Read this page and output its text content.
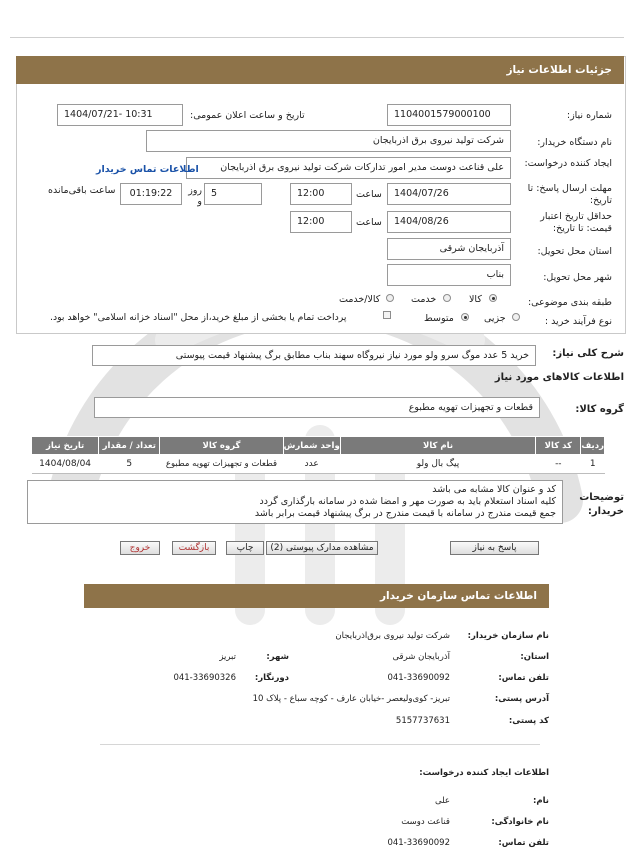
جزئیات اطلاعات نیاز
شماره نیاز:
1104001579000100
تاریخ و ساعت اعلان عمومی:
1404/07/21- 10:31
نام دستگاه خریدار:
شرکت تولید نیروی برق اذربایجان
ایجاد کننده درخواست:
علی قناعت دوست مدیر امور تدارکات شرکت تولید نیروی برق اذربایجان
اطلاعات تماس خریدار
مهلت ارسال پاسخ: تا تاریخ:
1404/07/26
ساعت
12:00
5
روز و
01:19:22
ساعت باقی‌مانده
حداقل تاریخ اعتبار قیمت: تا تاریخ:
1404/08/26
ساعت
12:00
استان محل تحویل:
آذربایجان شرقی
شهر محل تحویل:
بناب
طبقه بندی موضوعی:
کالا
خدمت
کالا/خدمت
نوع فرآیند خرید :
جزیی
متوسط
پرداخت تمام یا بخشی از مبلغ خرید،از محل "اسناد خزانه اسلامی" خواهد بود.
شرح کلی نیاز:
خرید 5 عدد موگ سرو ولو مورد نیاز نیروگاه سهند بناب مطابق برگ پیشنهاد قیمت پیوستی
اطلاعات کالاهای مورد نیاز
گروه کالا:
قطعات و تجهیزات تهویه مطبوع
ردیف	کد کالا	نام کالا	واحد شمارش	گروه کالا	تعداد / مقدار	تاریخ نیاز
1	--	پیگ بال ولو	عدد	قطعات و تجهیزات تهویه مطبوع	5	1404/08/04
توضیحات خریدار:
کد و عنوان کالا مشابه می باشد
کلیه اسناد استعلام باید به صورت مهر و امضا شده در سامانه بارگذاری گردد
جمع قیمت مندرج در سامانه با قیمت مندرج در برگ پیشنهاد قیمت برابر باشد
پاسخ به نیاز
مشاهده مدارک پیوستی (2)
چاپ
بازگشت
خروج
اطلاعات تماس سازمان خریدار
نام سازمان خریدار:
شرکت تولید نیروی برق‌اذربایجان
استان:
آذربایجان شرقی
شهر:
تبریز
تلفن تماس:
041-33690092
دورنگار:
041-33690326
آدرس پستی:
تبریز- کوی‌ولیعصر -خیابان عارف - کوچه سباع - پلاک 10
کد پستی:
5157737631
اطلاعات ایجاد کننده درخواست:
نام:
علی
نام خانوادگی:
قناعت دوست
تلفن تماس:
041-33690092
